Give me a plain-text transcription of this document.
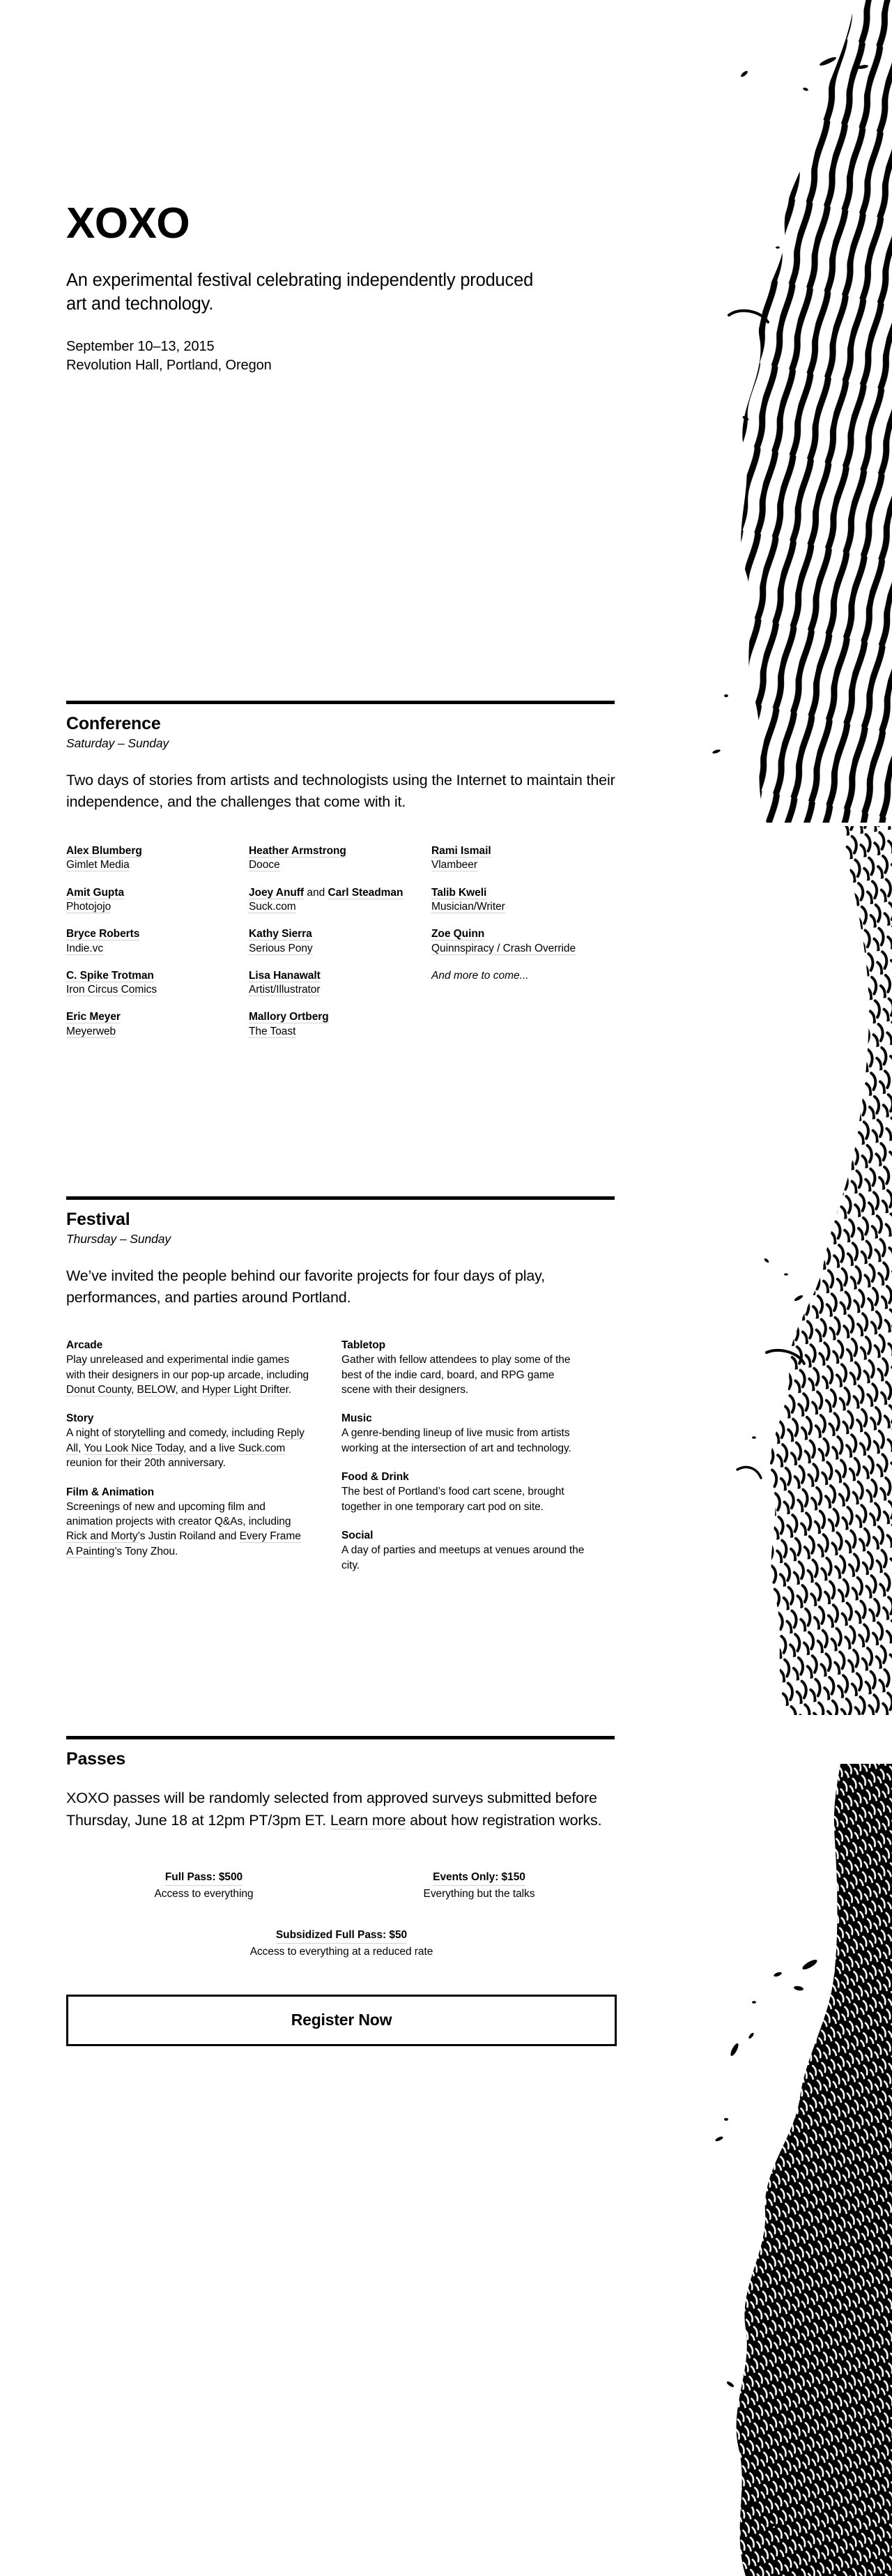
XOXO

An experimental festival celebrating independently produced art and technology.

September 10–13, 2015

Revolution Hall, Portland, Oregon

Conference

Saturday – Sunday

Two days of stories from artists and technologists using the Internet to maintain their independence, and the challenges that come with it.

Alex Blumberg
Gimlet Media
Amit Gupta
Photojojo
Bryce Roberts
Indie.vc
C. Spike Trotman
Iron Circus Comics
Eric Meyer
Meyerweb
Heather Armstrong
Dooce
Joey Anuff and Carl Steadman
Suck.com
Kathy Sierra
Serious Pony
Lisa Hanawalt
Artist/Illustrator
Mallory Ortberg
The Toast
Rami Ismail
Vlambeer
Talib Kweli
Musician/Writer
Zoe Quinn
Quinnspiracy / Crash Override
And more to come...
Festival

Thursday – Sunday

We’ve invited the people behind our favorite projects for four days of play, performances, and parties around Portland.

Arcade
Play unreleased and experimental indie games with their designers in our pop-up arcade, including Donut County, BELOW, and Hyper Light Drifter.
Story
A night of storytelling and comedy, including Reply All, You Look Nice Today, and a live Suck.com reunion for their 20th anniversary.
Film & Animation
Screenings of new and upcoming film and animation projects with creator Q&As, including Rick and Morty’s Justin Roiland and Every Frame A Painting’s Tony Zhou.
Tabletop
Gather with fellow attendees to play some of the best of the indie card, board, and RPG game scene with their designers.
Music
A genre-bending lineup of live music from artists working at the intersection of art and technology.
Food & Drink
The best of Portland’s food cart scene, brought together in one temporary cart pod on site.
Social
A day of parties and meetups at venues around the city.
Passes

XOXO passes will be randomly selected from approved surveys submitted before Thursday, June 18 at 12pm PT/3pm ET. Learn more about how registration works.

Full Pass: $500
Access to everything
Events Only: $150
Everything but the talks
Subsidized Full Pass: $50
Access to everything at a reduced rate
Register Now
